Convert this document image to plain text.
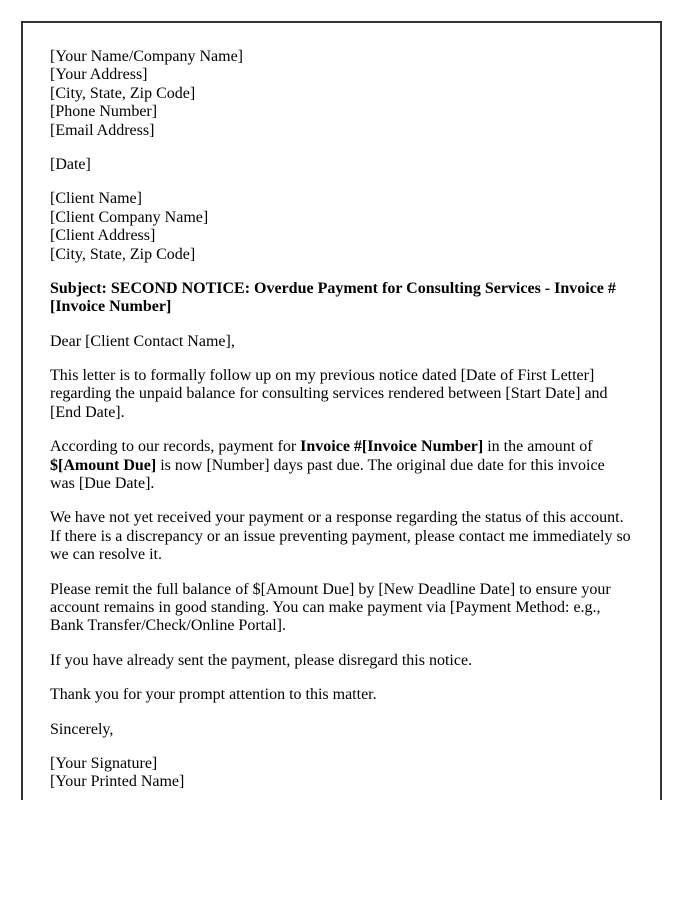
[Your Name/Company Name]
[Your Address]
[City, State, Zip Code]
[Phone Number]
[Email Address]
[Date]
[Client Name]
[Client Company Name]
[Client Address]
[City, State, Zip Code]

Subject: SECOND NOTICE: Overdue Payment for Consulting Services - Invoice # [Invoice Number]

Dear [Client Contact Name],

This letter is to formally follow up on my previous notice dated [Date of First Letter] regarding the unpaid balance for consulting services rendered between [Start Date] and [End Date].

According to our records, payment for Invoice #[Invoice Number] in the amount of $[Amount Due] is now [Number] days past due. The original due date for this invoice was [Due Date].

We have not yet received your payment or a response regarding the status of this account. If there is a discrepancy or an issue preventing payment, please contact me immediately so we can resolve it.

Please remit the full balance of $[Amount Due] by [New Deadline Date] to ensure your account remains in good standing. You can make payment via [Payment Method: e.g., Bank Transfer/Check/Online Portal].

If you have already sent the payment, please disregard this notice.

Thank you for your prompt attention to this matter.

Sincerely,

[Your Signature]
[Your Printed Name]
